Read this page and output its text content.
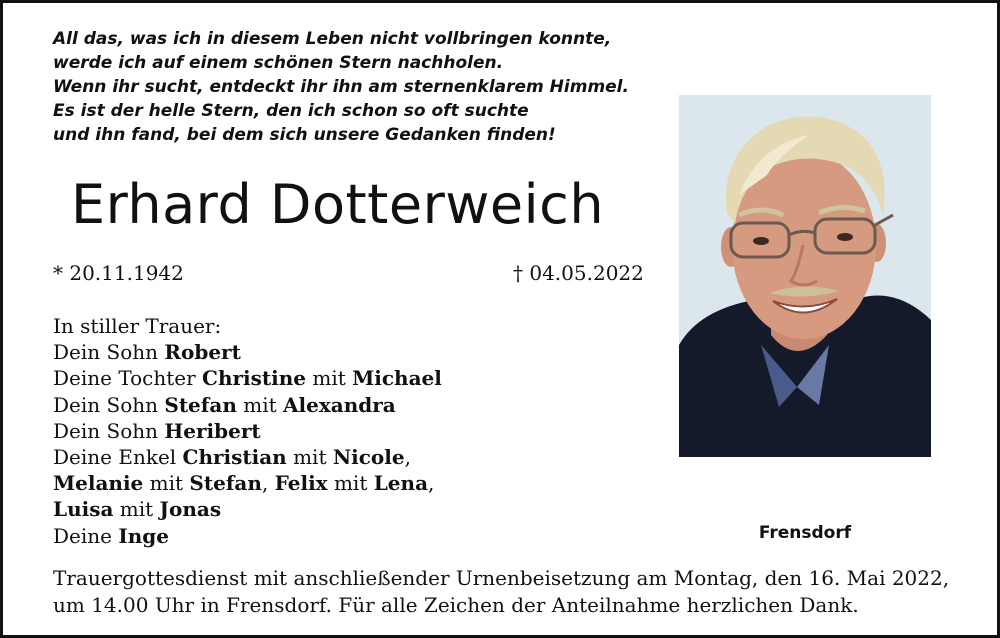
All das, was ich in diesem Leben nicht vollbringen konnte,
werde ich auf einem schönen Stern nachholen.
Wenn ihr sucht, entdeckt ihr ihn am sternenklarem Himmel.
Es ist der helle Stern, den ich schon so oft suchte
und ihn fand, bei dem sich unsere Gedanken finden!
Erhard Dotterweich
* 20.11.1942	† 04.05.2022
In stiller Trauer:
Dein Sohn Robert
Deine Tochter Christine mit Michael
Dein Sohn Stefan mit Alexandra
Dein Sohn Heribert
Deine Enkel Christian mit Nicole,
Melanie mit Stefan, Felix mit Lena,
Luisa mit Jonas
Deine Inge	Frensdorf
Trauergottesdienst mit anschließender Urnenbeisetzung am Montag, den 16. Mai 2022,
um 14.00 Uhr in Frensdorf. Für alle Zeichen der Anteilnahme herzlichen Dank.
